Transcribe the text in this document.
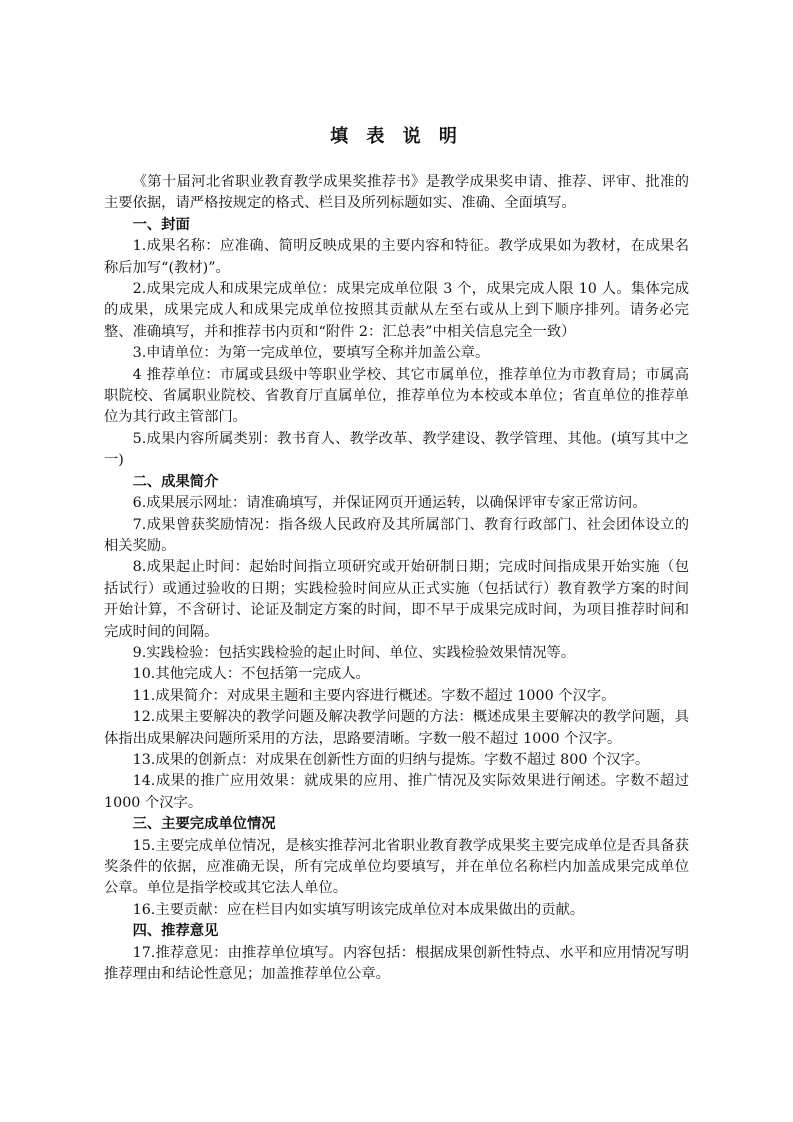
填 表 说 明

《第十届河北省职业教育教学成果奖推荐书》是教学成果奖申请、推荐、评审、批准的主要依据，请严格按规定的格式、栏目及所列标题如实、准确、全面填写。

一、封面

1.成果名称：应准确、简明反映成果的主要内容和特征。教学成果如为教材，在成果名称后加写“(教材)”。

2.成果完成人和成果完成单位：成果完成单位限 3 个，成果完成人限 10 人。集体完成的成果，成果完成人和成果完成单位按照其贡献从左至右或从上到下顺序排列。请务必完整、准确填写，并和推荐书内页和“附件 2：汇总表”中相关信息完全一致）

3.申请单位：为第一完成单位，要填写全称并加盖公章。

4 推荐单位：市属或县级中等职业学校、其它市属单位，推荐单位为市教育局；市属高职院校、省属职业院校、省教育厅直属单位，推荐单位为本校或本单位；省直单位的推荐单位为其行政主管部门。

5.成果内容所属类别：教书育人、教学改革、教学建设、教学管理、其他。(填写其中之一)

二、成果简介

6.成果展示网址：请准确填写，并保证网页开通运转，以确保评审专家正常访问。

7.成果曾获奖励情况：指各级人民政府及其所属部门、教育行政部门、社会团体设立的相关奖励。

8.成果起止时间：起始时间指立项研究或开始研制日期；完成时间指成果开始实施（包括试行）或通过验收的日期；实践检验时间应从正式实施（包括试行）教育教学方案的时间开始计算，不含研讨、论证及制定方案的时间，即不早于成果完成时间，为项目推荐时间和完成时间的间隔。

9.实践检验：包括实践检验的起止时间、单位、实践检验效果情况等。

10.其他完成人：不包括第一完成人。

11.成果简介：对成果主题和主要内容进行概述。字数不超过 1000 个汉字。

12.成果主要解决的教学问题及解决教学问题的方法：概述成果主要解决的教学问题，具体指出成果解决问题所采用的方法，思路要清晰。字数一般不超过 1000 个汉字。

13.成果的创新点：对成果在创新性方面的归纳与提炼。字数不超过 800 个汉字。

14.成果的推广应用效果：就成果的应用、推广情况及实际效果进行阐述。字数不超过 1000 个汉字。

三、主要完成单位情况

15.主要完成单位情况，是核实推荐河北省职业教育教学成果奖主要完成单位是否具备获奖条件的依据，应准确无误，所有完成单位均要填写，并在单位名称栏内加盖成果完成单位公章。单位是指学校或其它法人单位。

16.主要贡献：应在栏目内如实填写明该完成单位对本成果做出的贡献。

四、推荐意见

17.推荐意见：由推荐单位填写。内容包括：根据成果创新性特点、水平和应用情况写明推荐理由和结论性意见；加盖推荐单位公章。
